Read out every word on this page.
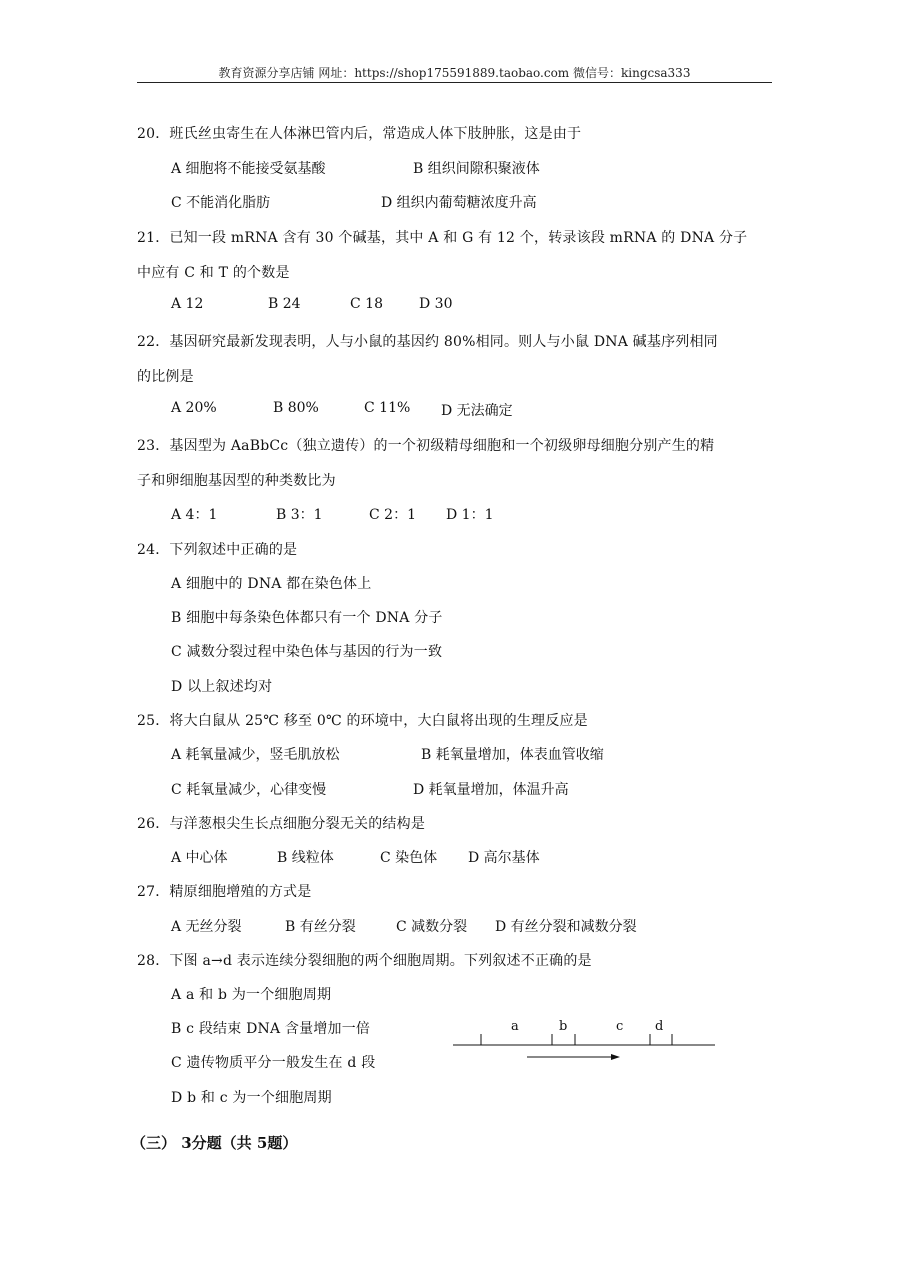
教育资源分享店铺 网址：https://shop175591889.taobao.com 微信号：kingcsa333
20．班氏丝虫寄生在人体淋巴管内后，常造成人体下肢肿胀，这是由于
A 细胞将不能接受氨基酸	B 组织间隙积聚液体
C 不能消化脂肪	D 组织内葡萄糖浓度升高
21．已知一段 mRNA 含有 30 个碱基，其中 A 和 G 有 12 个，转录该段 mRNA 的 DNA 分子
中应有 C 和 T 的个数是
A 12	B 24	C 18	D 30
22．基因研究最新发现表明，人与小鼠的基因约 80%相同。则人与小鼠 DNA 碱基序列相同
的比例是
A 20%	B 80%	C 11% D 无法确定
23．基因型为 AaBbCc（独立遗传）的一个初级精母细胞和一个初级卵母细胞分别产生的精
子和卵细胞基因型的种类数比为
A 4：1	B 3：1	C 2：1 D 1：1
24．下列叙述中正确的是
A 细胞中的 DNA 都在染色体上
B 细胞中每条染色体都只有一个 DNA 分子
C 减数分裂过程中染色体与基因的行为一致
D 以上叙述均对
25．将大白鼠从 25℃ 移至 0℃ 的环境中，大白鼠将出现的生理反应是
A 耗氧量减少，竖毛肌放松	B 耗氧量增加，体表血管收缩
C 耗氧量减少，心律变慢	D 耗氧量增加，体温升高
26．与洋葱根尖生长点细胞分裂无关的结构是
A 中心体	B 线粒体	C 染色体 D 高尔基体
27．精原细胞增殖的方式是
A 无丝分裂	B 有丝分裂	C 减数分裂 D 有丝分裂和减数分裂
28．下图 a→d 表示连续分裂细胞的两个细胞周期。下列叙述不正确的是
A a 和 b 为一个细胞周期
B c 段结束 DNA 含量增加一倍
C 遗传物质平分一般发生在 d 段
D b 和 c 为一个细胞周期
a	b	c d
（三） 3分题（共 5题）
